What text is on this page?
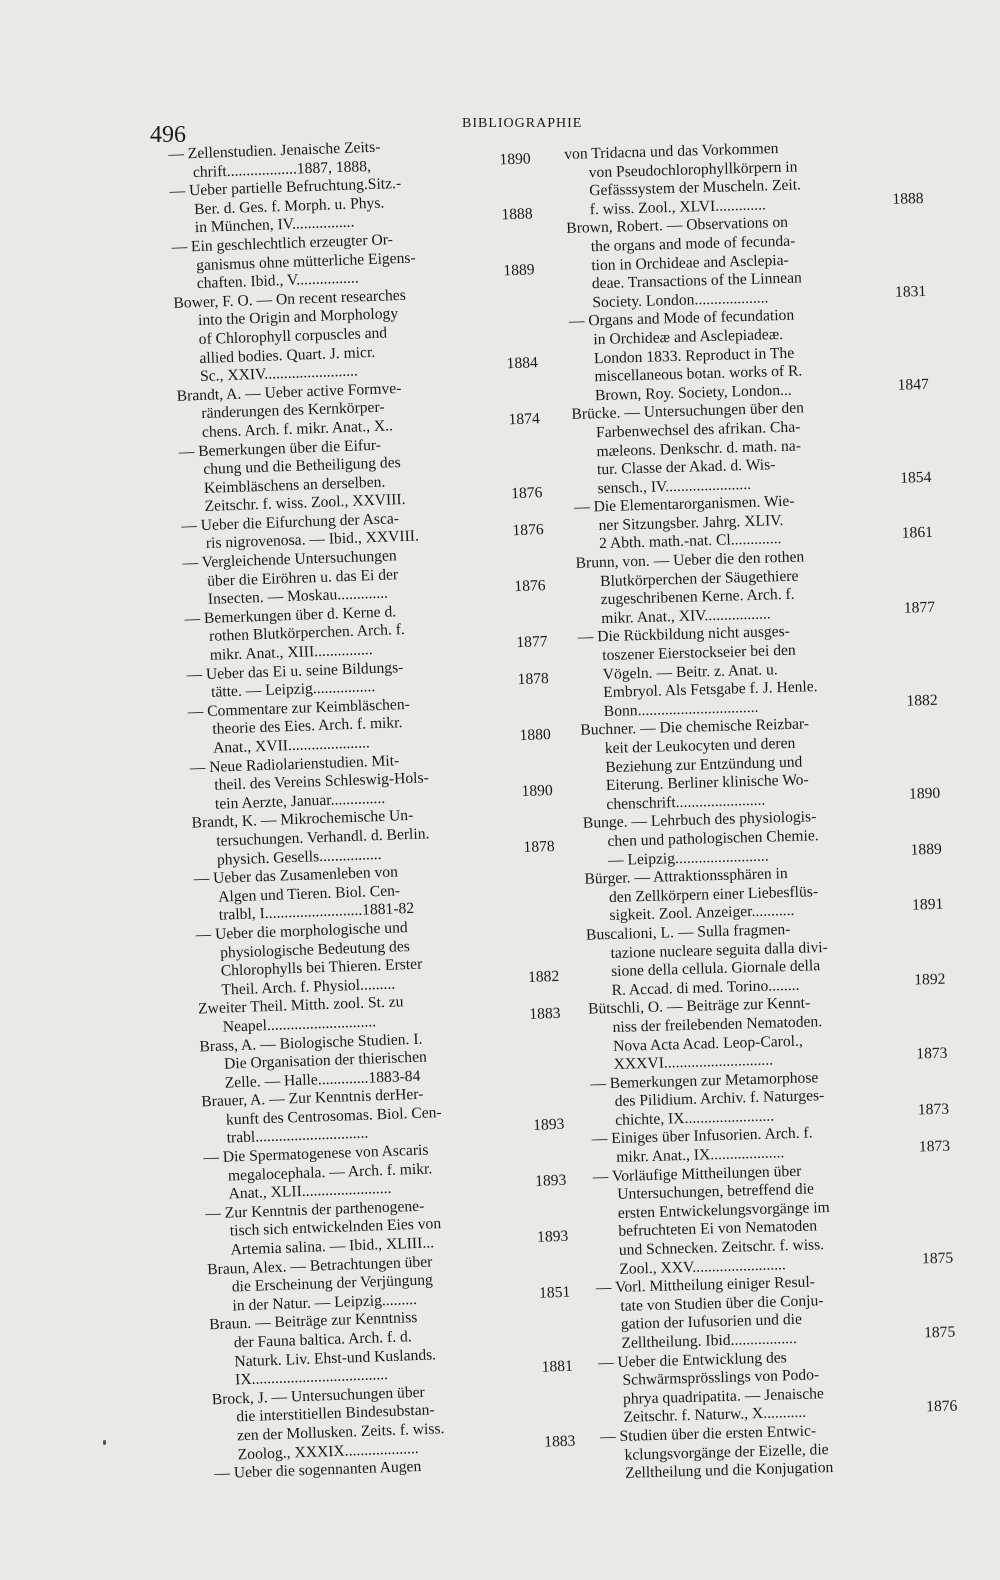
496	BIBLIOGRAPHIE
— Zellenstudien. Jenaische Zeits-
chrift..................1887, 1888,	1890
— Ueber partielle Befruchtung.Sitz.-
Ber. d. Ges. f. Morph. u. Phys.
in München, IV................	1888
— Ein geschlechtlich erzeugter Or-
ganismus ohne mütterliche Eigens-
chaften. Ibid., V................	1889
Bower, F. O. — On recent researches
into the Origin and Morphology
of Chlorophyll corpuscles and
allied bodies. Quart. J. micr.
Sc., XXIV........................	1884
Brandt, A. — Ueber active Formve-
ränderungen des Kernkörper-
chens. Arch. f. mikr. Anat., X..	1874
— Bemerkungen über die Eifur-
chung und die Betheiligung des
Keimbläschens an derselben.
Zeitschr. f. wiss. Zool., XXVIII.	1876
— Ueber die Eifurchung der Asca-
ris nigrovenosa. — Ibid., XXVIII.	1876
— Vergleichende Untersuchungen
über die Eiröhren u. das Ei der
Insecten. — Moskau.............	1876
— Bemerkungen über d. Kerne d.
rothen Blutkörperchen. Arch. f.
mikr. Anat., XIII...............	1877
— Ueber das Ei u. seine Bildungs-
tätte. — Leipzig................	1878
— Commentare zur Keimbläschen-
theorie des Eies. Arch. f. mikr.
Anat., XVII.....................	1880
— Neue Radiolarienstudien. Mit-
theil. des Vereins Schleswig-Hols-
tein Aerzte, Januar..............	1890
Brandt, K. — Mikrochemische Un-
tersuchungen. Verhandl. d. Berlin.
physich. Gesells................	1878
— Ueber das Zusamenleben von
Algen und Tieren. Biol. Cen-
tralbl, I.........................1881-82
— Ueber die morphologische und
physiologische Bedeutung des
Chlorophylls bei Thieren. Erster
Theil. Arch. f. Physiol.........	1882
Zweiter Theil. Mitth. zool. St. zu
Neapel............................	1883
Brass, A. — Biologische Studien. I.
Die Organisation der thierischen
Zelle. — Halle.............1883-84
Brauer, A. — Zur Kenntnis derHer-
kunft des Centrosomas. Biol. Cen-
trabl.............................	1893
— Die Spermatogenese von Ascaris
megalocephala. — Arch. f. mikr.
Anat., XLII.......................	1893
— Zur Kenntnis der parthenogene-
tisch sich entwickelnden Eies von
Artemia salina. — Ibid., XLIII...	1893
Braun, Alex. — Betrachtungen über
die Erscheinung der Verjüngung
in der Natur. — Leipzig.........	1851
Braun. — Beiträge zur Kenntniss
der Fauna baltica. Arch. f. d.
Naturk. Liv. Ehst-und Kuslands.
IX...................................	1881
Brock, J. — Untersuchungen über
die interstitiellen Bindesubstan-
zen der Mollusken. Zeits. f. wiss.
Zoolog., XXXIX...................	1883
— Ueber die sogennanten Augen
von Tridacna und das Vorkommen
von Pseudochlorophyllkörpern in
Gefässsystem der Muscheln. Zeit.
f. wiss. Zool., XLVI.............	1888
Brown, Robert. — Observations on
the organs and mode of fecunda-
tion in Orchideae and Asclepia-
deae. Transactions of the Linnean
Society. London...................	1831
— Organs and Mode of fecundation
in Orchideæ and Asclepiadeæ.
London 1833. Reproduct in The
miscellaneous botan. works of R.
Brown, Roy. Society, London...	1847
Brücke. — Untersuchungen über den
Farbenwechsel des afrikan. Cha-
mæleons. Denkschr. d. math. na-
tur. Classe der Akad. d. Wis-
sensch., IV......................	1854
— Die Elementarorganismen. Wie-
ner Sitzungsber. Jahrg. XLIV.
2 Abth. math.-nat. Cl.............	1861
Brunn, von. — Ueber die den rothen
Blutkörperchen der Säugethiere
zugeschribenen Kerne. Arch. f.
mikr. Anat., XIV.................	1877
— Die Rückbildung nicht ausges-
toszener Eierstockseier bei den
Vögeln. — Beitr. z. Anat. u.
Embryol. Als Fetsgabe f. J. Henle.
Bonn...............................	1882
Buchner. — Die chemische Reizbar-
keit der Leukocyten und deren
Beziehung zur Entzündung und
Eiterung. Berliner klinische Wo-
chenschrift.......................	1890
Bunge. — Lehrbuch des physiologis-
chen und pathologischen Chemie.
— Leipzig........................	1889
Bürger. — Attraktionssphären in
den Zellkörpern einer Liebesflüs-
sigkeit. Zool. Anzeiger...........	1891
Buscalioni, L. — Sulla fragmen-
tazione nucleare seguita dalla divi-
sione della cellula. Giornale della
R. Accad. di med. Torino........	1892
Bütschli, O. — Beiträge zur Kennt-
niss der freilebenden Nematoden.
Nova Acta Acad. Leop-Carol.,
XXXVI............................	1873
— Bemerkungen zur Metamorphose
des Pilidium. Archiv. f. Naturges-
chichte, IX.......................	1873
— Einiges über Infusorien. Arch. f.
mikr. Anat., IX...................	1873
— Vorläufige Mittheilungen über
Untersuchungen, betreffend die
ersten Entwickelungsvorgänge im
befruchteten Ei von Nematoden
und Schnecken. Zeitschr. f. wiss.
Zool., XXV........................	1875
— Vorl. Mittheilung einiger Resul-
tate von Studien über die Conju-
gation der Iufusorien und die
Zelltheilung. Ibid.................	1875
— Ueber die Entwicklung des
Schwärmsprösslings von Podo-
phrya quadripatita. — Jenaische
Zeitschr. f. Naturw., X...........	1876
— Studien über die ersten Entwic-
kclungsvorgänge der Eizelle, die
Zelltheilung und die Konjugation
